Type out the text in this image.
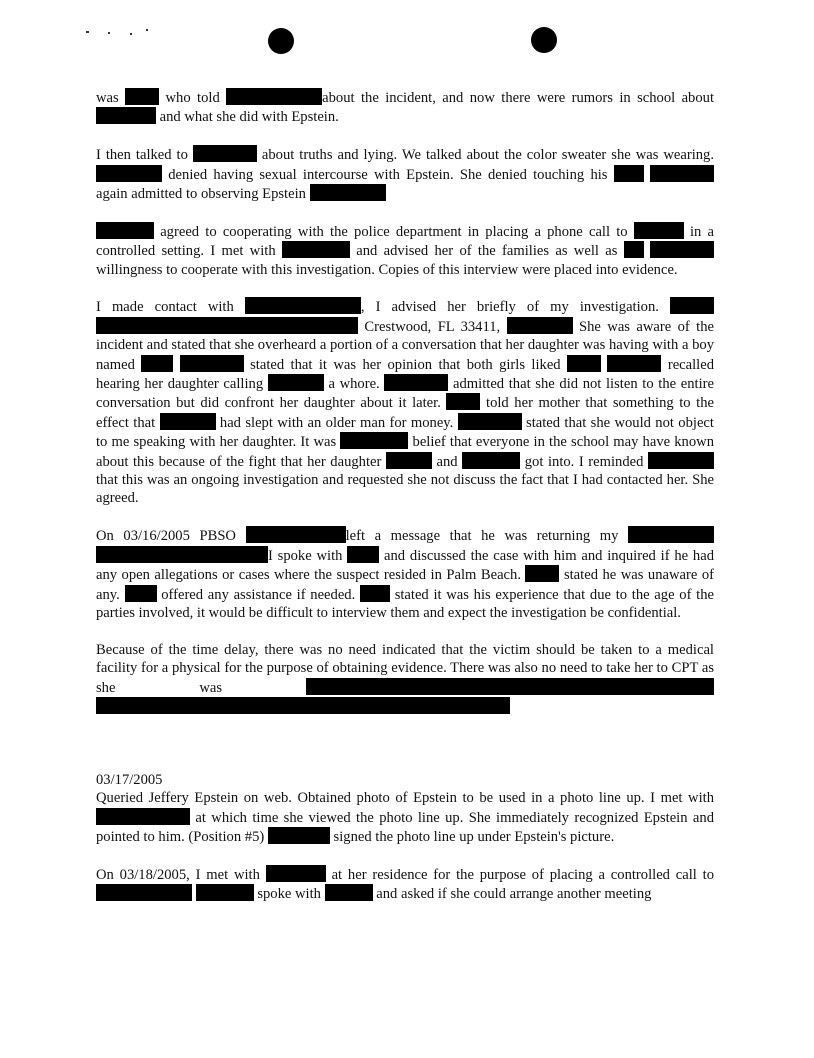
was	who told	about the incident, and now there were rumors in school about  and what she did with Epstein.

I then talked to	about truths and lying. We talked about the color sweater she was wearing.  denied having sexual intercourse with Epstein. She denied touching his   again admitted to observing Epstein

agreed to cooperating with the police department in placing a phone call to	in a controlled setting. I met with	and advised her of the families as well as   willingness to cooperate with this investigation. Copies of this interview were placed into evidence.

I made contact with	, I advised her briefly of my investigation.   Crestwood, FL 33411,	She was aware of the incident and stated that she overheard a portion of a conversation that her daughter was having with a boy named	stated that it was her opinion that both girls liked	recalled hearing her daughter calling	a whore.	admitted that she did not listen to the entire conversation but did confront her daughter about it later.	told her mother that something to the effect that	had slept with an older man for money.	stated that she would not object to me speaking with her daughter. It was	belief that everyone in the school may have known about this because of the fight that her daughter	and	got into. I reminded  that this was an ongoing investigation and requested she not discuss the fact that I had contacted her. She agreed.

On 03/16/2005 PBSO	left a message that he was returning my  I spoke with	and discussed the case with him and inquired if he had any open allegations or cases where the suspect resided in Palm Beach.	stated he was unaware of any.	offered any assistance if needed.	stated it was his experience that due to the age of the parties involved, it would be difficult to interview them and expect the investigation be confidential.

Because of the time delay, there was no need indicated that the victim should be taken to a medical facility for a physical for the purpose of obtaining evidence. There was also no need to take her to CPT as she was

03/17/2005

Queried Jeffery Epstein on web. Obtained photo of Epstein to be used in a photo line up. I met with  at which time she viewed the photo line up. She immediately recognized Epstein and pointed to him. (Position #5)	signed the photo line up under Epstein's picture.

On 03/18/2005, I met with	at her residence for the purpose of placing a controlled call to   spoke with	and asked if she could arrange another meeting
